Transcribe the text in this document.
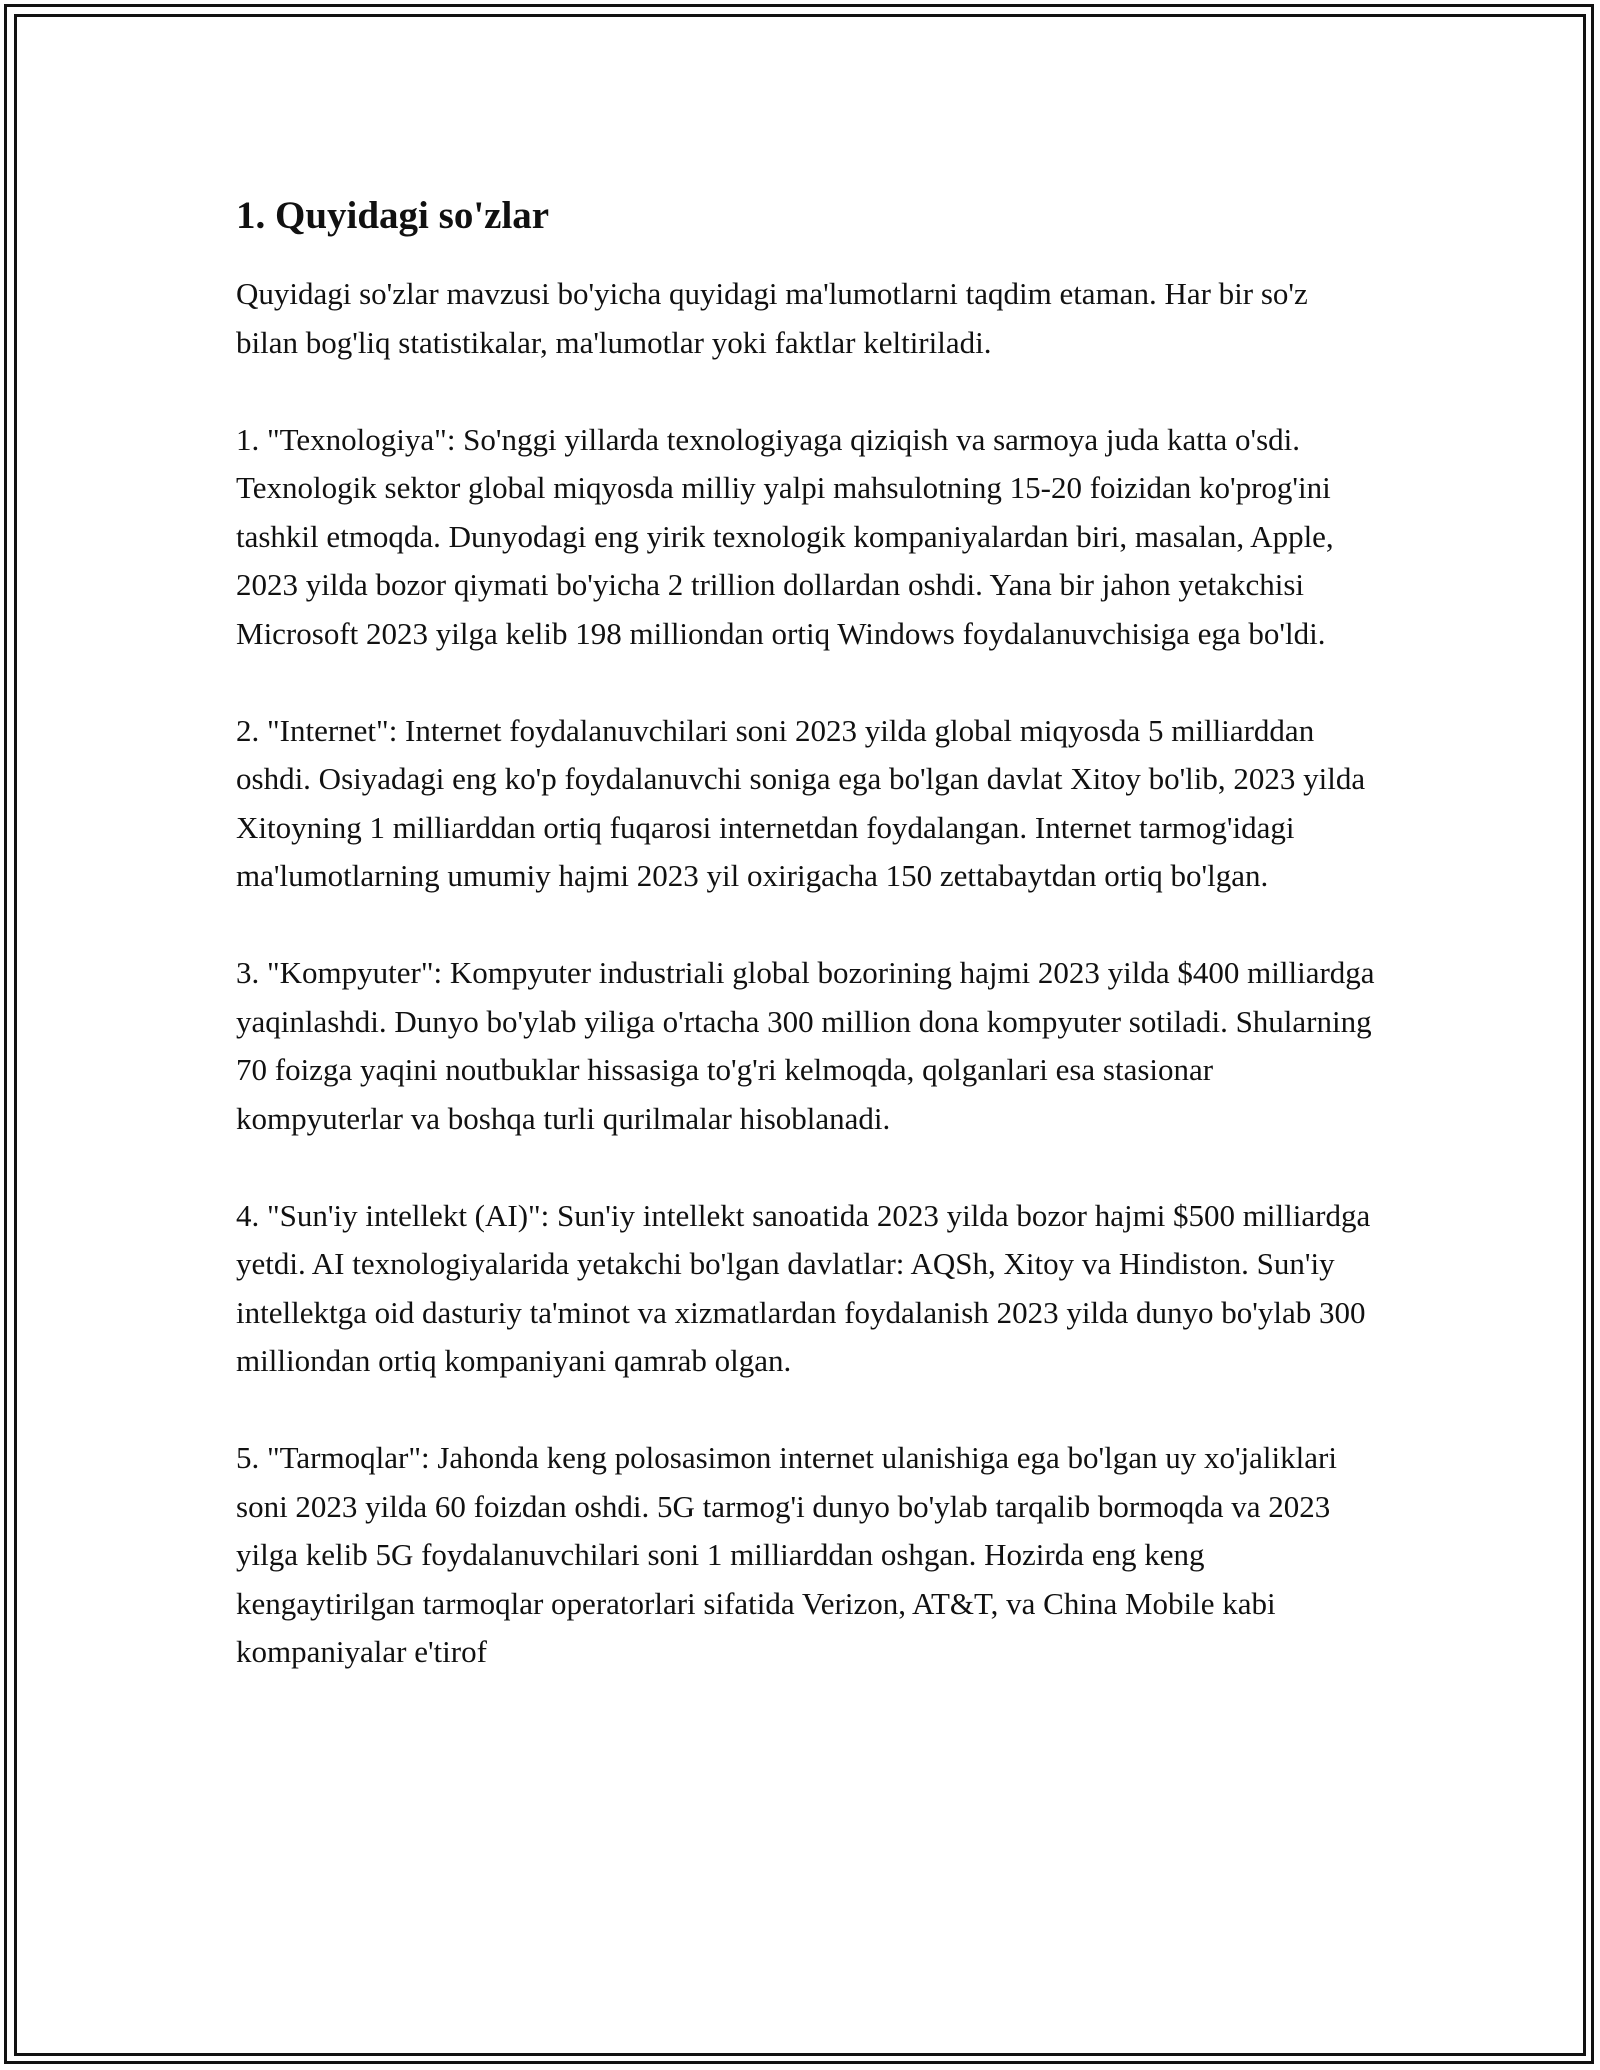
1. Quyidagi so'zlar

Quyidagi so'zlar mavzusi bo'yicha quyidagi ma'lumotlarni taqdim etaman. Har bir so'z bilan bog'liq statistikalar, ma'lumotlar yoki faktlar keltiriladi.

1. "Texnologiya": So'nggi yillarda texnologiyaga qiziqish va sarmoya juda katta o'sdi. Texnologik sektor global miqyosda milliy yalpi mahsulotning 15-20 foizidan ko'prog'ini tashkil etmoqda. Dunyodagi eng yirik texnologik kompaniyalardan biri, masalan, Apple, 2023 yilda bozor qiymati bo'yicha 2 trillion dollardan oshdi. Yana bir jahon yetakchisi Microsoft 2023 yilga kelib 198 milliondan ortiq Windows foydalanuvchisiga ega bo'ldi.

2. "Internet": Internet foydalanuvchilari soni 2023 yilda global miqyosda 5 milliarddan oshdi. Osiyadagi eng ko'p foydalanuvchi soniga ega bo'lgan davlat Xitoy bo'lib, 2023 yilda Xitoyning 1 milliarddan ortiq fuqarosi internetdan foydalangan. Internet tarmog'idagi ma'lumotlarning umumiy hajmi 2023 yil oxirigacha 150 zettabaytdan ortiq bo'lgan.

3. "Kompyuter": Kompyuter industriali global bozorining hajmi 2023 yilda $400 milliardga yaqinlashdi. Dunyo bo'ylab yiliga o'rtacha 300 million dona kompyuter sotiladi. Shularning 70 foizga yaqini noutbuklar hissasiga to'g'ri kelmoqda, qolganlari esa stasionar kompyuterlar va boshqa turli qurilmalar hisoblanadi.

4. "Sun'iy intellekt (AI)": Sun'iy intellekt sanoatida 2023 yilda bozor hajmi $500 milliardga yetdi. AI texnologiyalarida yetakchi bo'lgan davlatlar: AQSh, Xitoy va Hindiston. Sun'iy intellektga oid dasturiy ta'minot va xizmatlardan foydalanish 2023 yilda dunyo bo'ylab 300 milliondan ortiq kompaniyani qamrab olgan.

5. "Tarmoqlar": Jahonda keng polosasimon internet ulanishiga ega bo'lgan uy xo'jaliklari soni 2023 yilda 60 foizdan oshdi. 5G tarmog'i dunyo bo'ylab tarqalib bormoqda va 2023 yilga kelib 5G foydalanuvchilari soni 1 milliarddan oshgan. Hozirda eng keng kengaytirilgan tarmoqlar operatorlari sifatida Verizon, AT&T, va China Mobile kabi kompaniyalar e'tirof
